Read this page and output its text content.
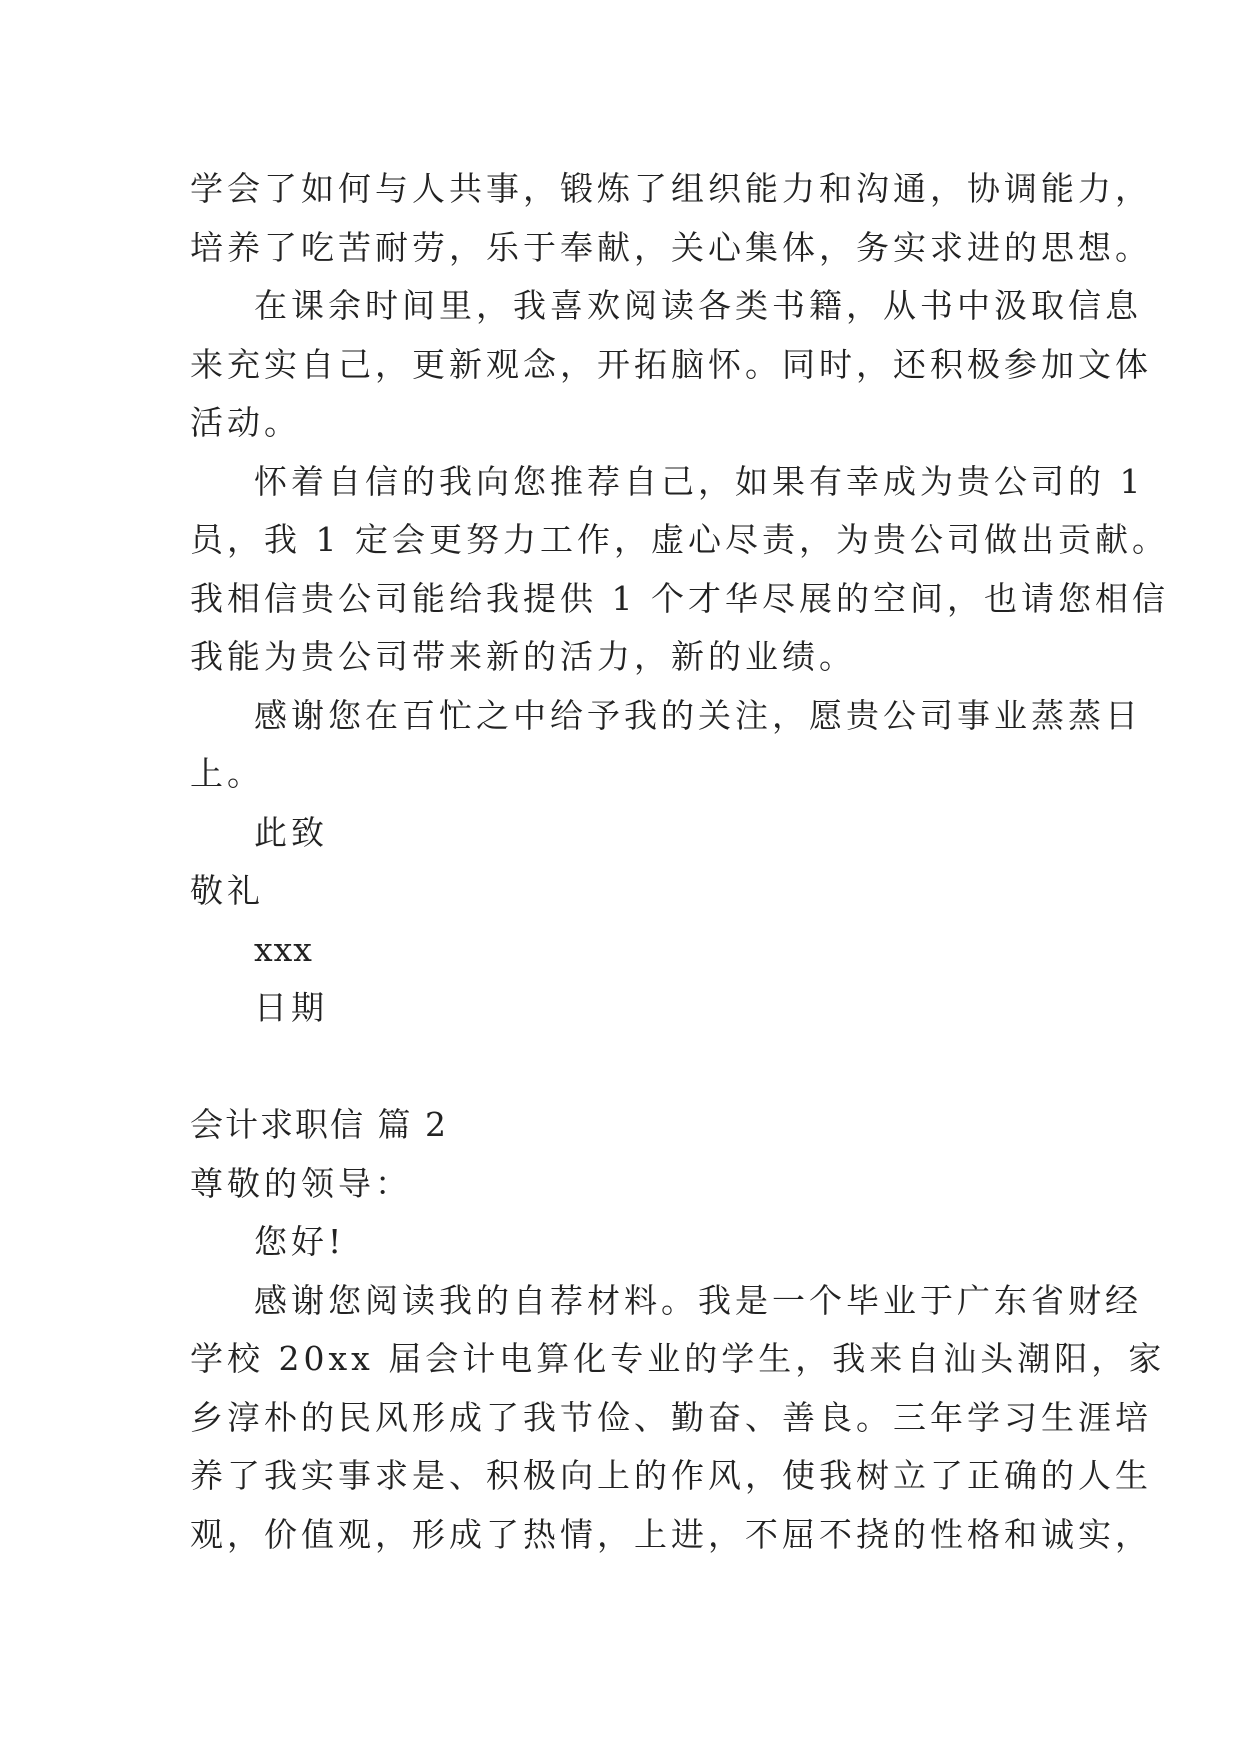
学会了如何与人共事，锻炼了组织能力和沟通，协调能力，
培养了吃苦耐劳，乐于奉献，关心集体，务实求进的思想。
在课余时间里，我喜欢阅读各类书籍，从书中汲取信息
来充实自己，更新观念，开拓脑怀。同时，还积极参加文体
活动。
怀着自信的我向您推荐自己，如果有幸成为贵公司的 1
员，我 1 定会更努力工作，虚心尽责，为贵公司做出贡献。
我相信贵公司能给我提供 1 个才华尽展的空间，也请您相信
我能为贵公司带来新的活力，新的业绩。
感谢您在百忙之中给予我的关注，愿贵公司事业蒸蒸日
上。
此致
敬礼
xxx
日期
会计求职信 篇 2
尊敬的领导：
您好!
感谢您阅读我的自荐材料。我是一个毕业于广东省财经
学校 20xx 届会计电算化专业的学生，我来自汕头潮阳，家
乡淳朴的民风形成了我节俭、勤奋、善良。三年学习生涯培
养了我实事求是、积极向上的作风，使我树立了正确的人生
观，价值观，形成了热情，上进，不屈不挠的性格和诚实，
